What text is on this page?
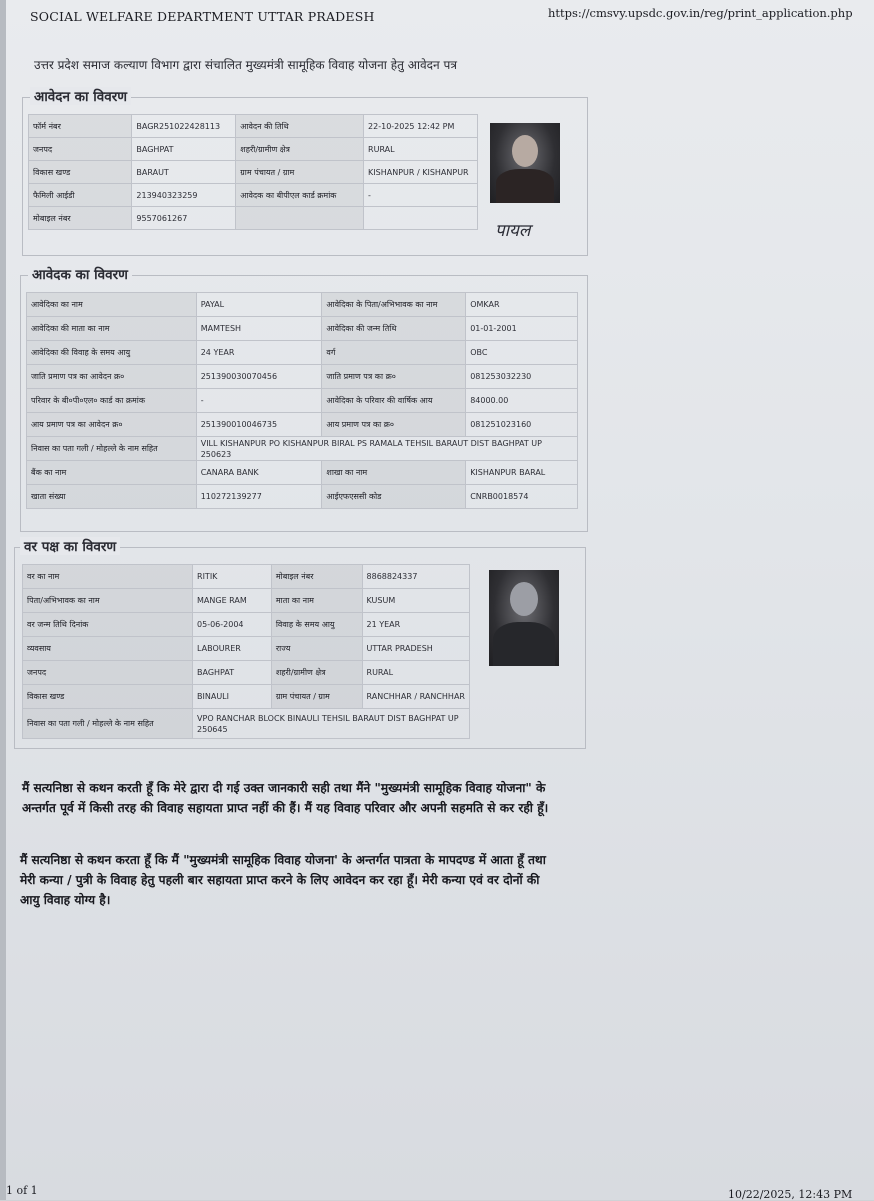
SOCIAL WELFARE DEPARTMENT UTTAR PRADESH	https://cmsvy.upsdc.gov.in/reg/print_application.php
उत्तर प्रदेश समाज कल्याण विभाग द्वारा संचालित मुख्यमंत्री सामूहिक विवाह योजना हेतु आवेदन पत्र
आवेदन का विवरण
फॉर्म नंबर	BAGR251022428113	आवेदन की तिथि	22-10-2025 12:42 PM
जनपद	BAGHPAT	शहरी/ग्रामीण क्षेत्र	RURAL
विकास खण्ड	BARAUT	ग्राम पंचायत / ग्राम	KISHANPUR / KISHANPUR
फैमिली आईडी	213940323259	आवेदक का बीपीएल कार्ड क्रमांक	-
मोबाइल नंबर	9557061267		
पायल
आवेदक का विवरण
आवेदिका का नाम	PAYAL	आवेदिका के पिता/अभिभावक का नाम	OMKAR
आवेदिका की माता का नाम	MAMTESH	आवेदिका की जन्म तिथि	01-01-2001
आवेदिका की विवाह के समय आयु	24 YEAR	वर्ग	OBC
जाति प्रमाण पत्र का आवेदन क्र०	251390030070456	जाति प्रमाण पत्र का क्र०	081253032230
परिवार के बी०पी०एल० कार्ड का क्रमांक	-	आवेदिका के परिवार की वार्षिक आय	84000.00
आय प्रमाण पत्र का आवेदन क्र०	251390010046735	आय प्रमाण पत्र का क्र०	081251023160
निवास का पता गली / मोहल्ले के नाम सहित	VILL KISHANPUR PO KISHANPUR BIRAL PS RAMALA TEHSIL BARAUT DIST BAGHPAT UP 250623		
बैंक का नाम	CANARA BANK	शाखा का नाम	KISHANPUR BARAL
खाता संख्या	110272139277	आईएफएससी कोड	CNRB0018574
वर पक्ष का विवरण
वर का नाम	RITIK	मोबाइल नंबर	8868824337
पिता/अभिभावक का नाम	MANGE RAM	माता का नाम	KUSUM
वर जन्म तिथि दिनांक	05-06-2004	विवाह के समय आयु	21 YEAR
व्यवसाय	LABOURER	राज्य	UTTAR PRADESH
जनपद	BAGHPAT	शहरी/ग्रामीण क्षेत्र	RURAL
विकास खण्ड	BINAULI	ग्राम पंचायत / ग्राम	RANCHHAR / RANCHHAR
निवास का पता गली / मोहल्ले के नाम सहित	VPO RANCHAR BLOCK BINAULI TEHSIL BARAUT DIST BAGHPAT UP 250645		
मैं सत्यनिष्ठा से कथन करती हूँ कि मेरे द्वारा दी गई उक्त जानकारी सही तथा मैंने "मुख्यमंत्री सामूहिक विवाह योजना" के अन्तर्गत पूर्व में किसी तरह की विवाह सहायता प्राप्त नहीं की हैं। मैं यह विवाह परिवार और अपनी सहमति से कर रही हूँ।
मैं सत्यनिष्ठा से कथन करता हूँ कि मैं "मुख्यमंत्री सामूहिक विवाह योजना' के अन्तर्गत पात्रता के मापदण्ड में आता हूँ तथा मेरी कन्या / पुत्री के विवाह हेतु पहली बार सहायता प्राप्त करने के लिए आवेदन कर रहा हूँ। मेरी कन्या एवं वर दोनों की आयु विवाह योग्य है।
1 of 1	10/22/2025, 12:43 PM
